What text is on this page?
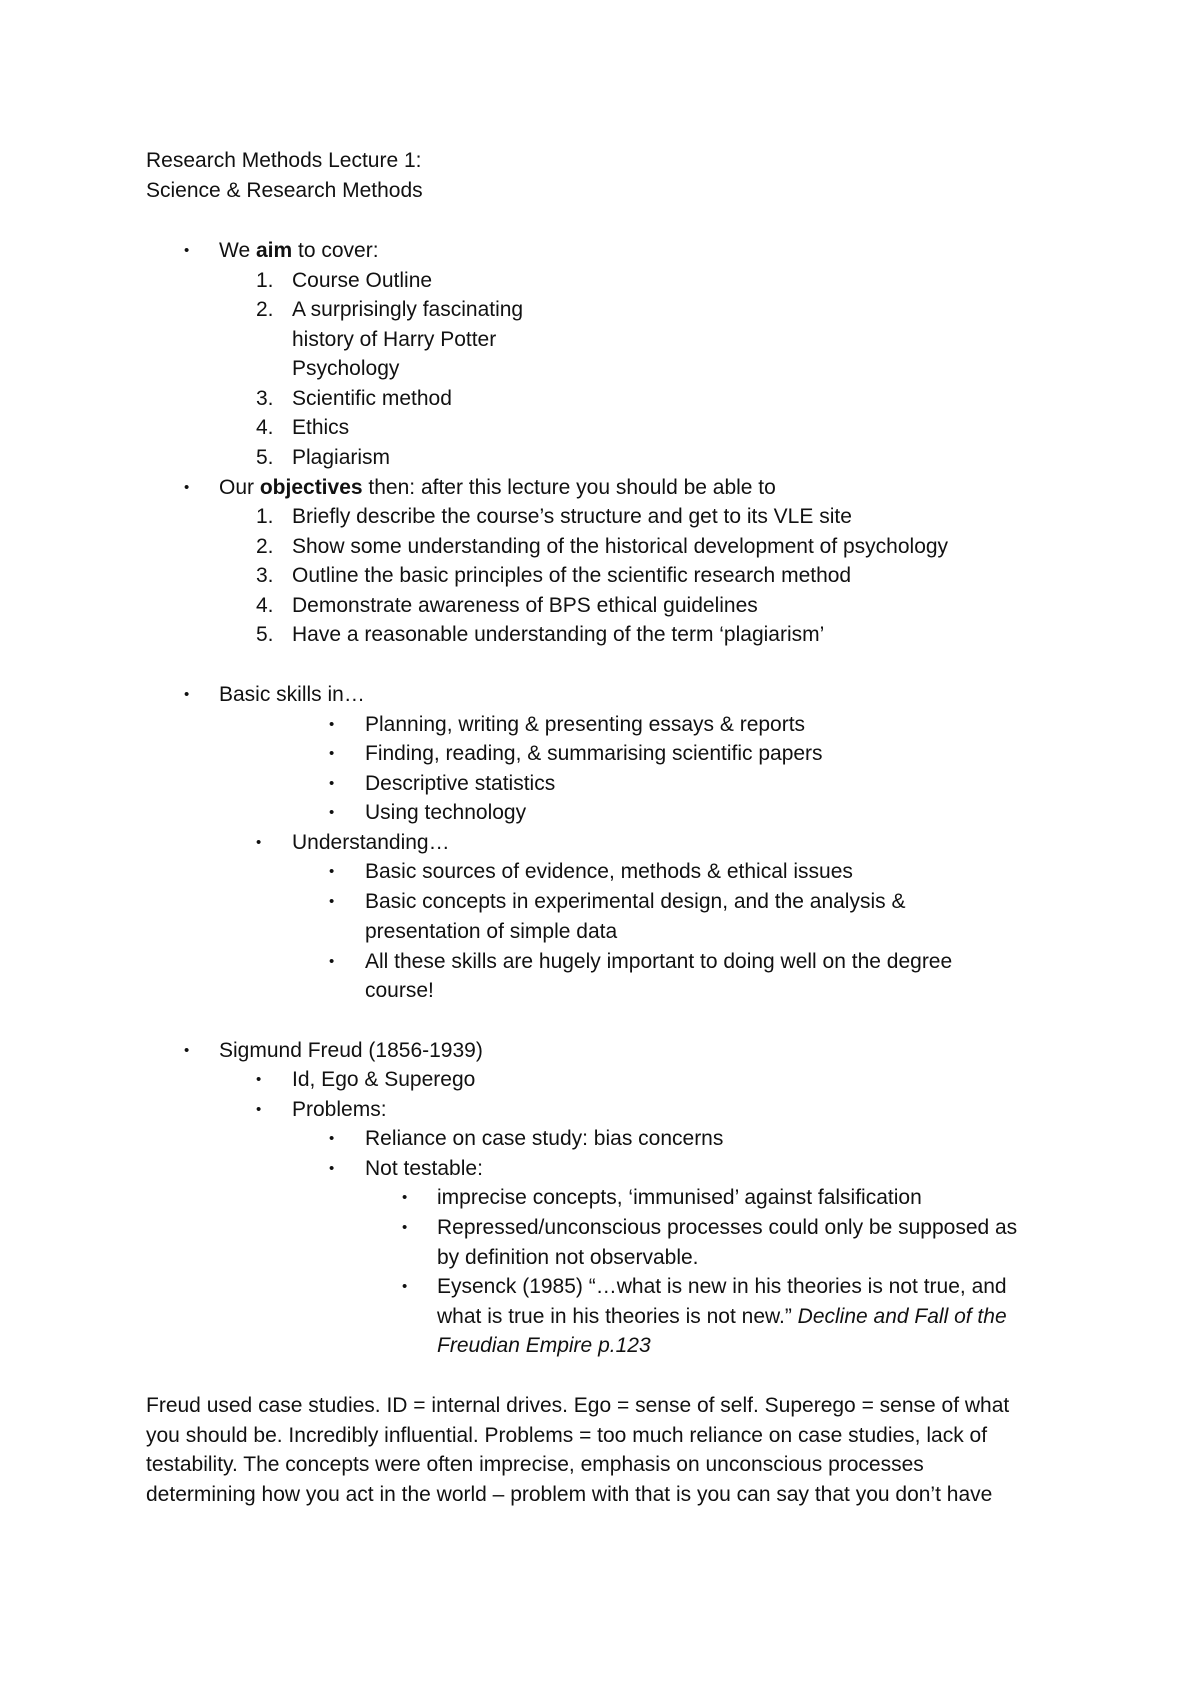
Research Methods Lecture 1:
Science & Research Methods
• We aim to cover:
1. Course Outline
2. A surprisingly fascinating
history of Harry Potter
Psychology
3. Scientific method
4. Ethics
5. Plagiarism
• Our objectives then: after this lecture you should be able to
1. Briefly describe the course’s structure and get to its VLE site
2. Show some understanding of the historical development of psychology
3. Outline the basic principles of the scientific research method
4. Demonstrate awareness of BPS ethical guidelines
5. Have a reasonable understanding of the term ‘plagiarism’
• Basic skills in…
• Planning, writing & presenting essays & reports
• Finding, reading, & summarising scientific papers
• Descriptive statistics
• Using technology
• Understanding…
• Basic sources of evidence, methods & ethical issues
• Basic concepts in experimental design, and the analysis &
presentation of simple data
• All these skills are hugely important to doing well on the degree
course!
• Sigmund Freud (1856-1939)
• Id, Ego & Superego
• Problems:
• Reliance on case study: bias concerns
• Not testable:
• imprecise concepts, ‘immunised’ against falsification
• Repressed/unconscious processes could only be supposed as
by definition not observable.
• Eysenck (1985) “…what is new in his theories is not true, and
what is true in his theories is not new.” Decline and Fall of the
Freudian Empire p.123
Freud used case studies. ID = internal drives. Ego = sense of self. Superego = sense of what
you should be. Incredibly influential. Problems = too much reliance on case studies, lack of
testability. The concepts were often imprecise, emphasis on unconscious processes
determining how you act in the world – problem with that is you can say that you don’t have
